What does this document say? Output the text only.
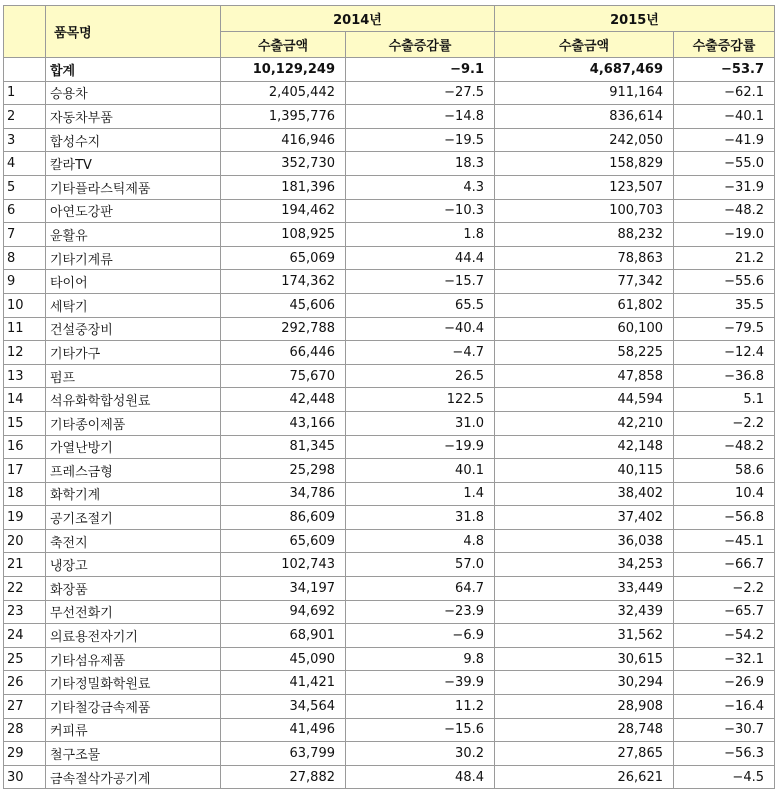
	품목명	2014년		2015년	
		수출금액	수출증감률	수출금액	수출증감률
	합계	10,129,249	−9.1	4,687,469	−53.7
1	승용차	2,405,442	−27.5	911,164	−62.1
2	자동차부품	1,395,776	−14.8	836,614	−40.1
3	합성수지	416,946	−19.5	242,050	−41.9
4	칼라TV	352,730	18.3	158,829	−55.0
5	기타플라스틱제품	181,396	4.3	123,507	−31.9
6	아연도강판	194,462	−10.3	100,703	−48.2
7	윤활유	108,925	1.8	88,232	−19.0
8	기타기계류	65,069	44.4	78,863	21.2
9	타이어	174,362	−15.7	77,342	−55.6
10	세탁기	45,606	65.5	61,802	35.5
11	건설중장비	292,788	−40.4	60,100	−79.5
12	기타가구	66,446	−4.7	58,225	−12.4
13	펌프	75,670	26.5	47,858	−36.8
14	석유화학합성원료	42,448	122.5	44,594	5.1
15	기타종이제품	43,166	31.0	42,210	−2.2
16	가열난방기	81,345	−19.9	42,148	−48.2
17	프레스금형	25,298	40.1	40,115	58.6
18	화학기계	34,786	1.4	38,402	10.4
19	공기조절기	86,609	31.8	37,402	−56.8
20	축전지	65,609	4.8	36,038	−45.1
21	냉장고	102,743	57.0	34,253	−66.7
22	화장품	34,197	64.7	33,449	−2.2
23	무선전화기	94,692	−23.9	32,439	−65.7
24	의료용전자기기	68,901	−6.9	31,562	−54.2
25	기타섬유제품	45,090	9.8	30,615	−32.1
26	기타정밀화학원료	41,421	−39.9	30,294	−26.9
27	기타철강금속제품	34,564	11.2	28,908	−16.4
28	커피류	41,496	−15.6	28,748	−30.7
29	철구조물	63,799	30.2	27,865	−56.3
30	금속절삭가공기계	27,882	48.4	26,621	−4.5
